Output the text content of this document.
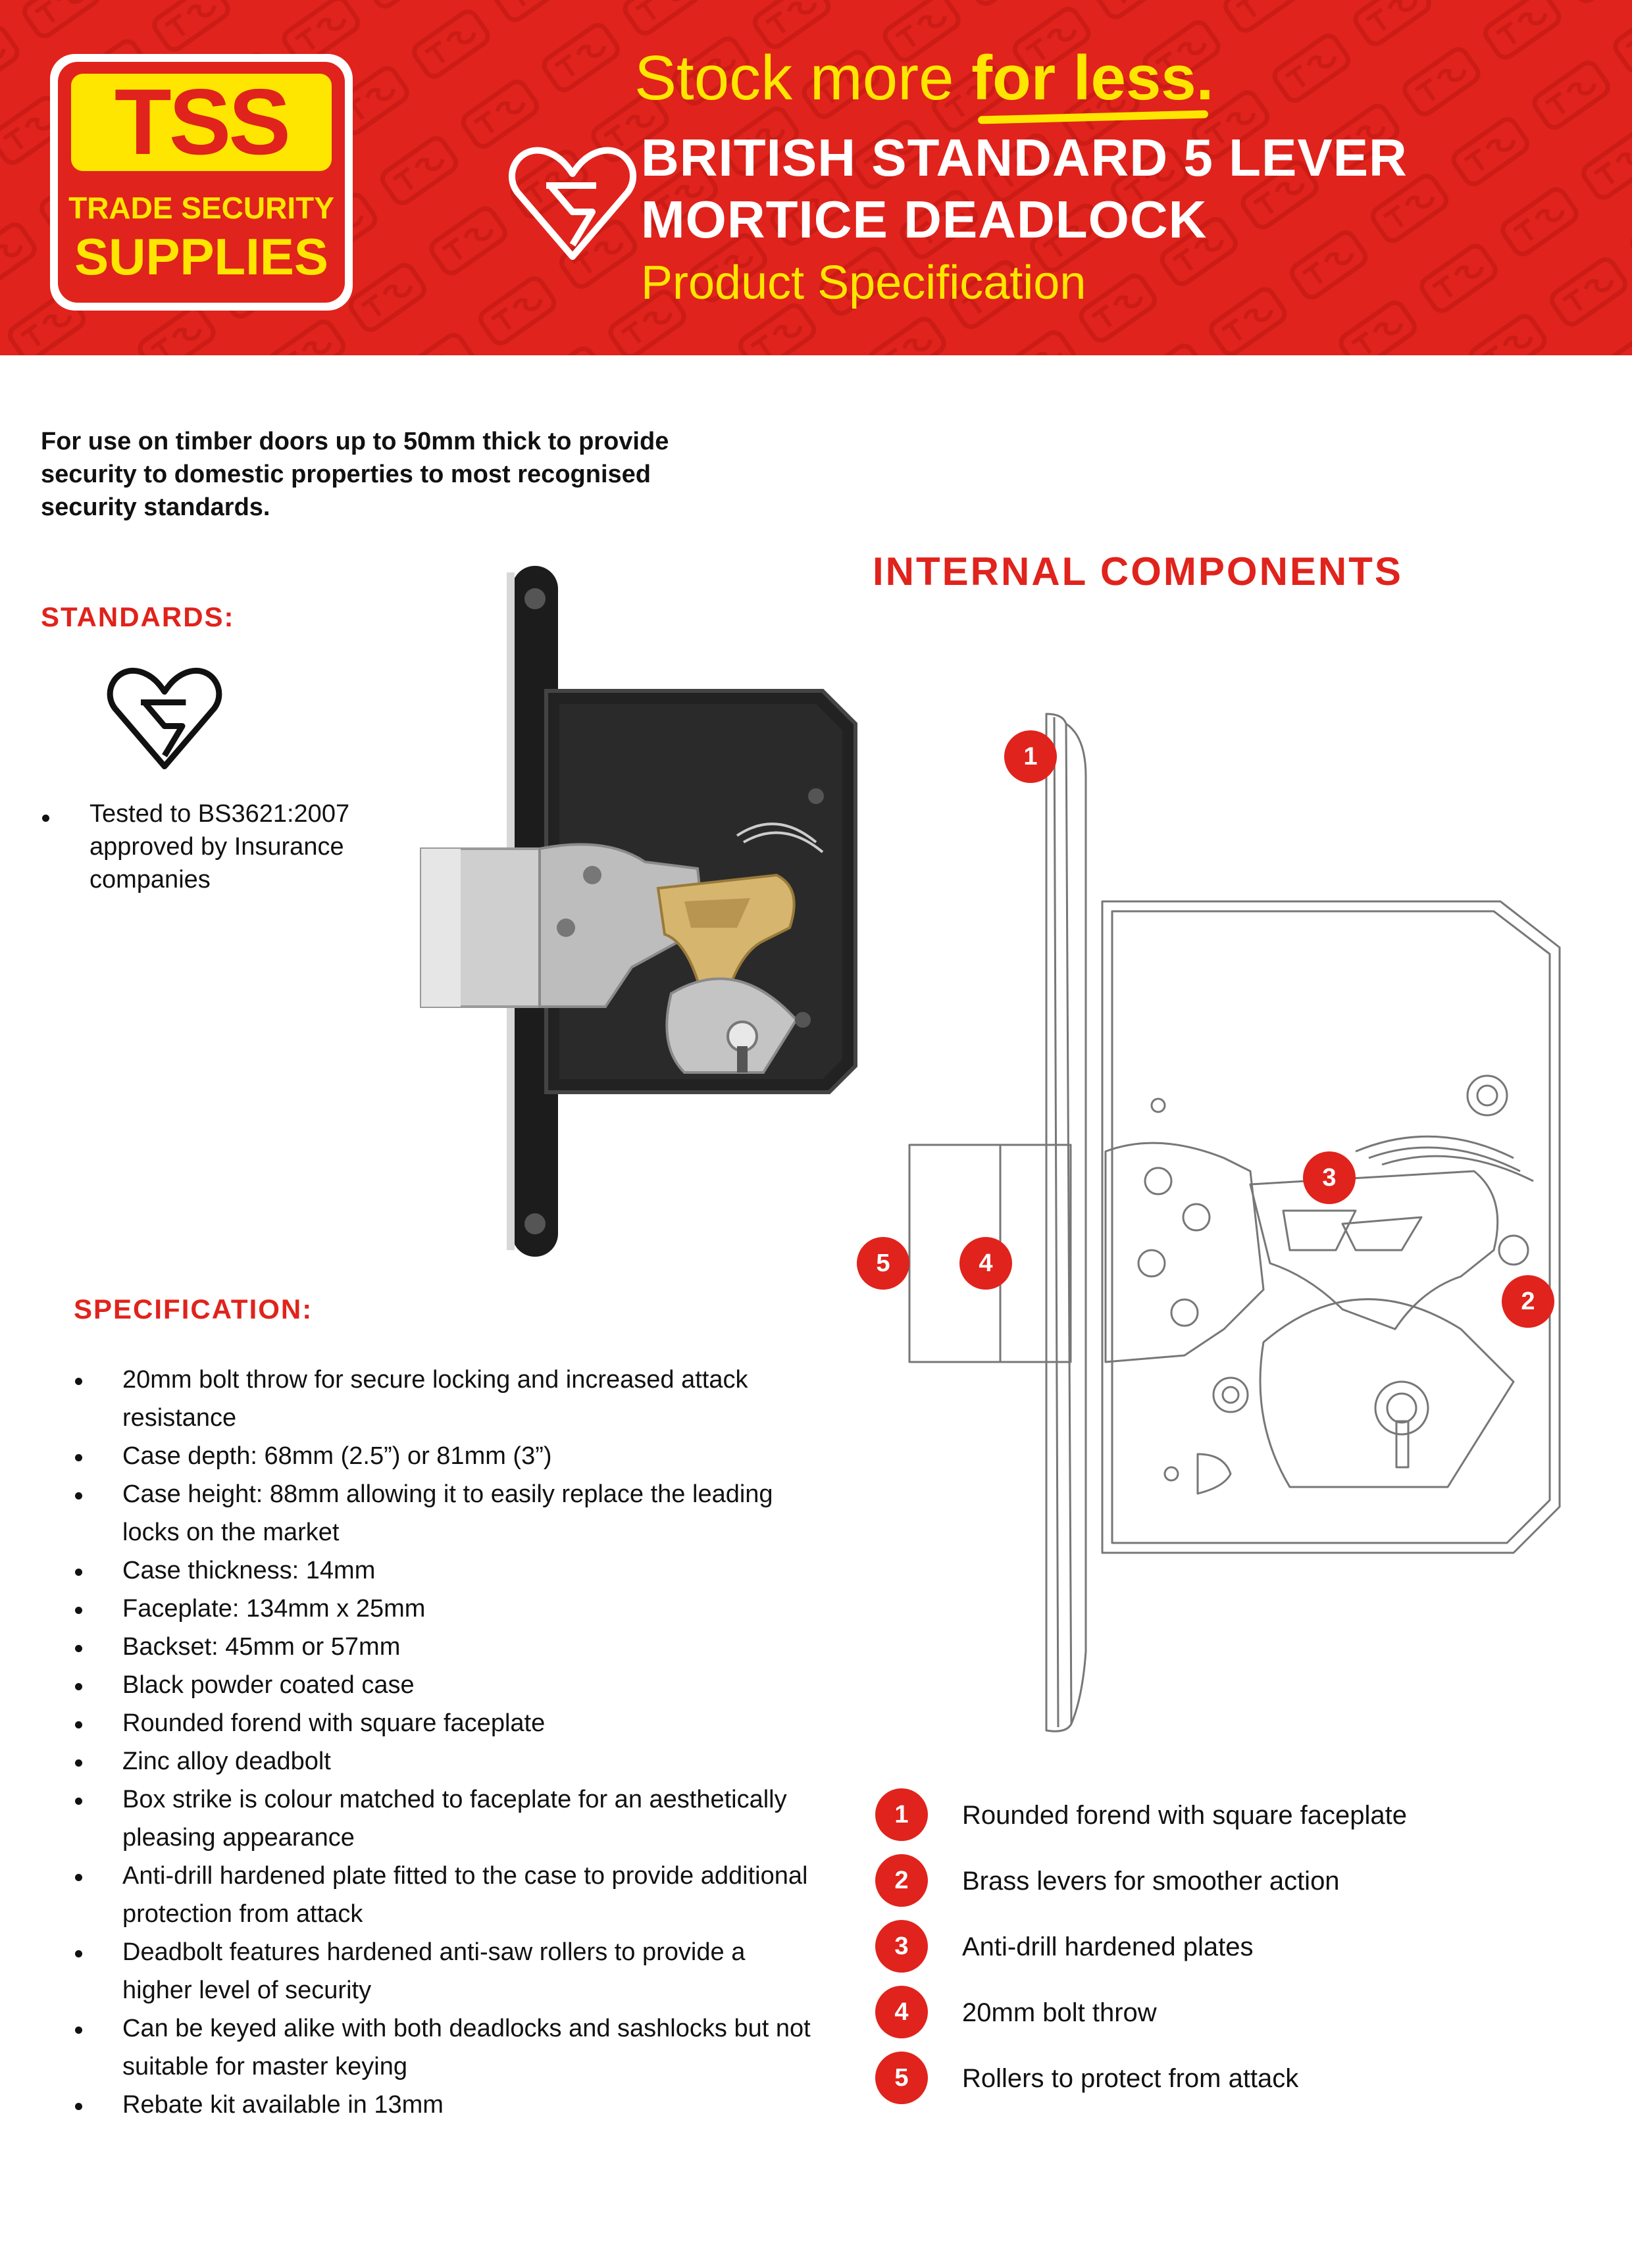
TSS
TRADE SECURITY
SUPPLIES
Stock more for less.
BRITISH STANDARD 5 LEVER
MORTICE DEADLOCK
Product Specification
For use on timber doors up to 50mm thick to provide security to domestic properties to most recognised security standards.
STANDARDS:
Tested to BS3621:2007 approved by Insurance companies
SPECIFICATION:
20mm bolt throw for secure locking and increased attack resistance
Case depth: 68mm (2.5”) or 81mm (3”)
Case height: 88mm allowing it to easily replace the leading locks on the market
Case thickness: 14mm
Faceplate: 134mm x 25mm
Backset: 45mm or 57mm
Black powder coated case
Rounded forend with square faceplate
Zinc alloy deadbolt
Box strike is colour matched to faceplate for an aesthetically pleasing appearance
Anti-drill hardened plate fitted to the case to provide additional protection from attack
Deadbolt features hardened anti-saw rollers to provide a higher level of security
Can be keyed alike with both deadlocks and sashlocks but not suitable for master keying
Rebate kit available in 13mm
INTERNAL COMPONENTS
1
2
3
4
5
1	Rounded forend with square faceplate
2	Brass levers for smoother action
3	Anti-drill hardened plates
4	20mm bolt throw
5	Rollers to protect from attack
